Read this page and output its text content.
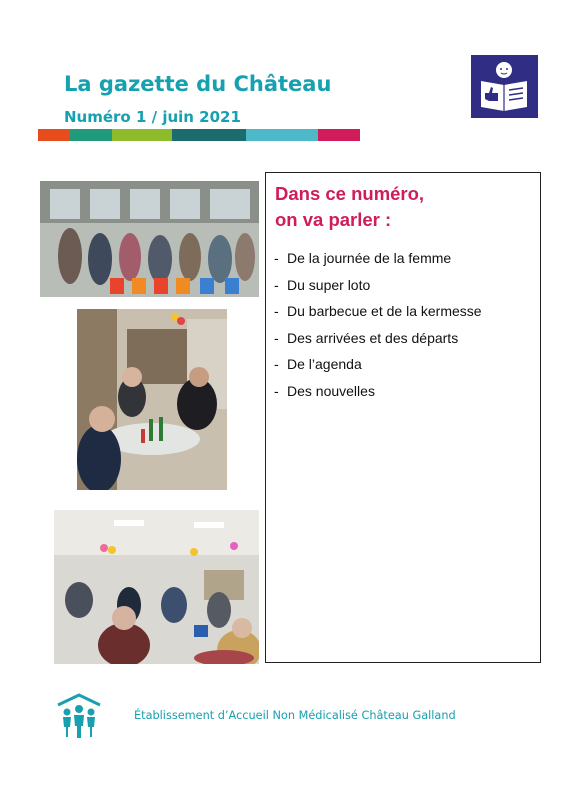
La gazette du Château
Numéro 1 / juin 2021
Dans ce numéro,
on va parler :
- De la journée de la femme
- Du super loto
- Du barbecue et de la kermesse
- Des arrivées et des départs
- De l’agenda
- Des nouvelles
Établissement d’Accueil Non Médicalisé Château Galland
